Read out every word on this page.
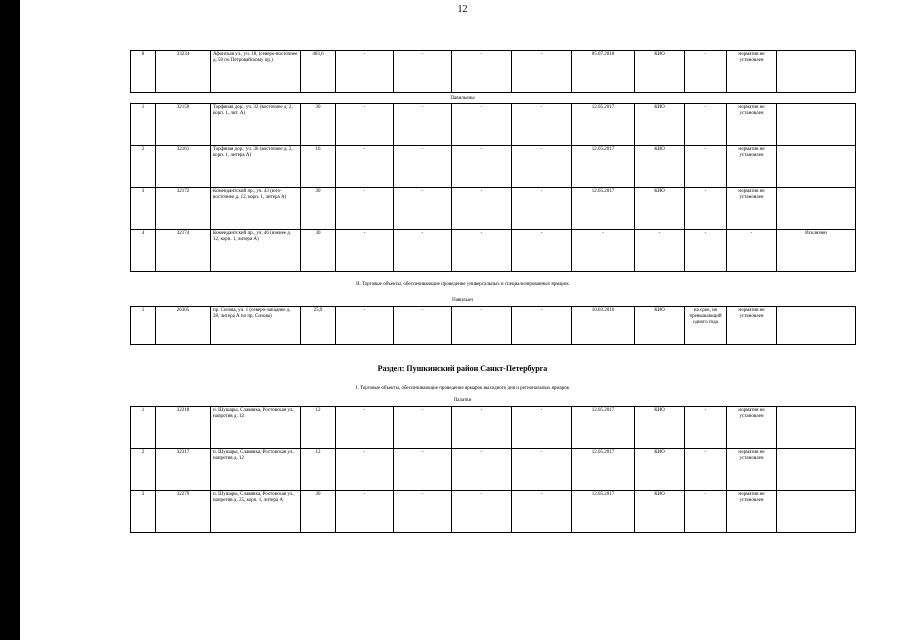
12
8	33234	Афонская ул., уч. 18, (северо-восточнее д. 50 по Петровайскому пр.)	403,6	-	-	-	-	05.07.2018	КИО	-	норматив не установлен	
Павильоны
1	32159	Торфяная дор., уч. 32 (восточнее д. 2, корп. 1, лит. А)	30	-	-	-	-	12.05.2017	КИО	-	норматив не установлен	
2	32161	Торфяная дор., уч. 36 (восточнее д. 2, корп. 1, литера А)	16	-	-	-	-	12.05.2017	КИО	-	норматив не установлен	
3	32172	Комендантский пр., уч. 43 (юго-восточнее д. 12, корп. 1, литера А)	30	-	-	-	-	12.05.2017	КИО	-	норматив не установлен	
4	32174	Комендантский пр., уч. 46 (южнее д. 12, корп. 1, литера А)	30	-	-	-	-	-	-	-	-	Исключен
II. Торговые объекты, обеспечивающие проведение универсальных и специализированных ярмарок
Павильон
1	26305	пр. Сизова, уч. 1 (северо-западнее д. 28, литера А по пр. Сизова)	25,9	-	-	-	-	10.03.2016	КИО	на срок, не превышающий одного года	норматив не установлен	
Раздел: Пушкинский район Санкт-Петербурга
I. Торговые объекты, обеспечивающие проведение ярмарок выходного дня и региональных ярмарок
Палатки
1	32318	п. Шушары, Славянка, Ростовская ул., напротив д. 12	12	-	-	-	-	12.05.2017	КИО	-	норматив не установлен	
2	32317	п. Шушары, Славянка, Ростовская ул., напротив д. 12	12	-	-	-	-	12.05.2017	КИО	-	норматив не установлен	
3	32279	п. Шушары, Славянка, Ростовская ул., напротив д. 25, корп. 1, литера А	30	-	-	-	-	12.05.2017	КИО	-	норматив не установлен	
